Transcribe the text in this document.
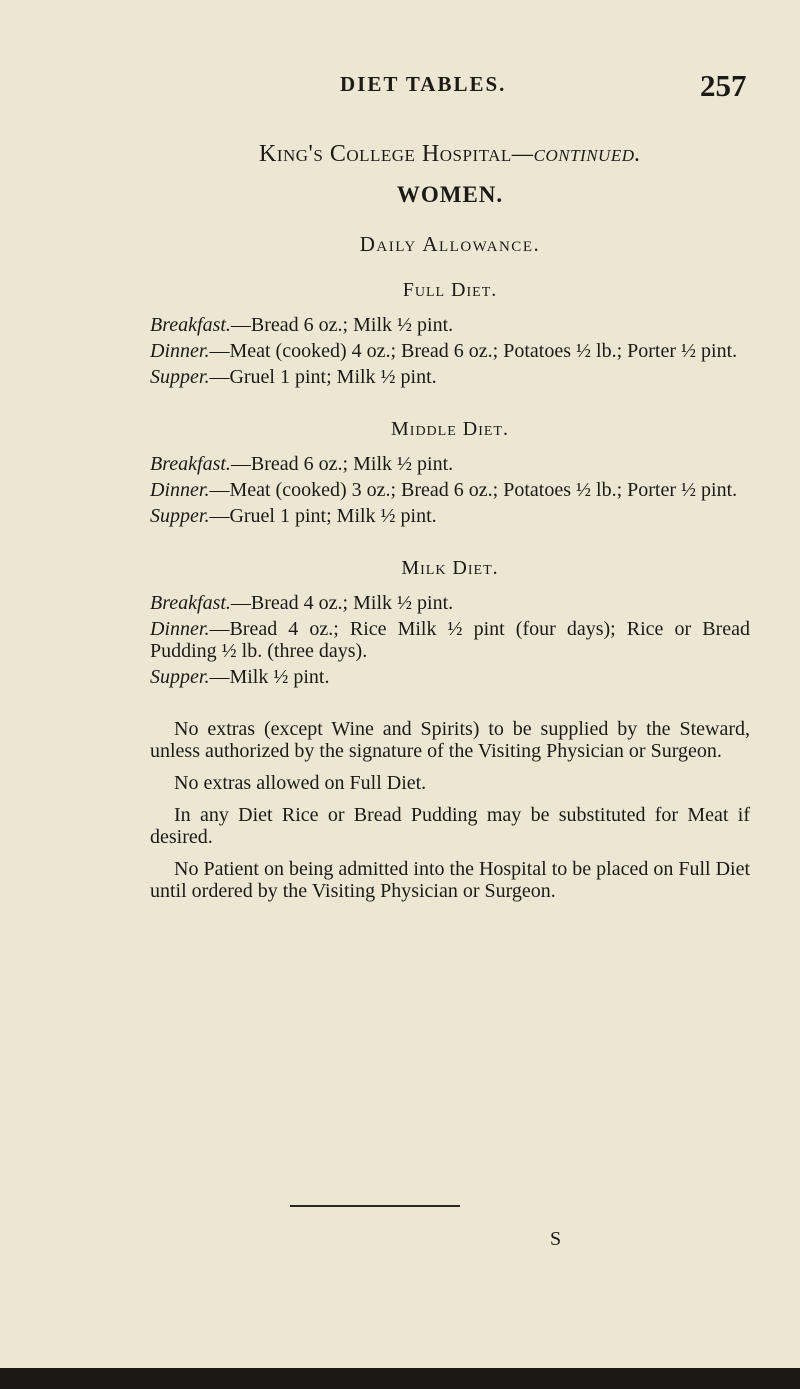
DIET TABLES.	257
King's College Hospital—continued.
WOMEN.
Daily Allowance.
Full Diet.

Breakfast.—Bread 6 oz.; Milk ½ pint.

Dinner.—Meat (cooked) 4 oz.; Bread 6 oz.; Potatoes ½ lb.; Porter ½ pint.

Supper.—Gruel 1 pint; Milk ½ pint.

Middle Diet.

Breakfast.—Bread 6 oz.; Milk ½ pint.

Dinner.—Meat (cooked) 3 oz.; Bread 6 oz.; Potatoes ½ lb.; Porter ½ pint.

Supper.—Gruel 1 pint; Milk ½ pint.

Milk Diet.

Breakfast.—Bread 4 oz.; Milk ½ pint.

Dinner.—Bread 4 oz.; Rice Milk ½ pint (four days); Rice or Bread Pudding ½ lb. (three days).

Supper.—Milk ½ pint.

No extras (except Wine and Spirits) to be supplied by the Steward, unless authorized by the signature of the Visiting Physician or Surgeon.

No extras allowed on Full Diet.

In any Diet Rice or Bread Pudding may be substituted for Meat if desired.

No Patient on being admitted into the Hospital to be placed on Full Diet until ordered by the Visiting Physician or Surgeon.

S
